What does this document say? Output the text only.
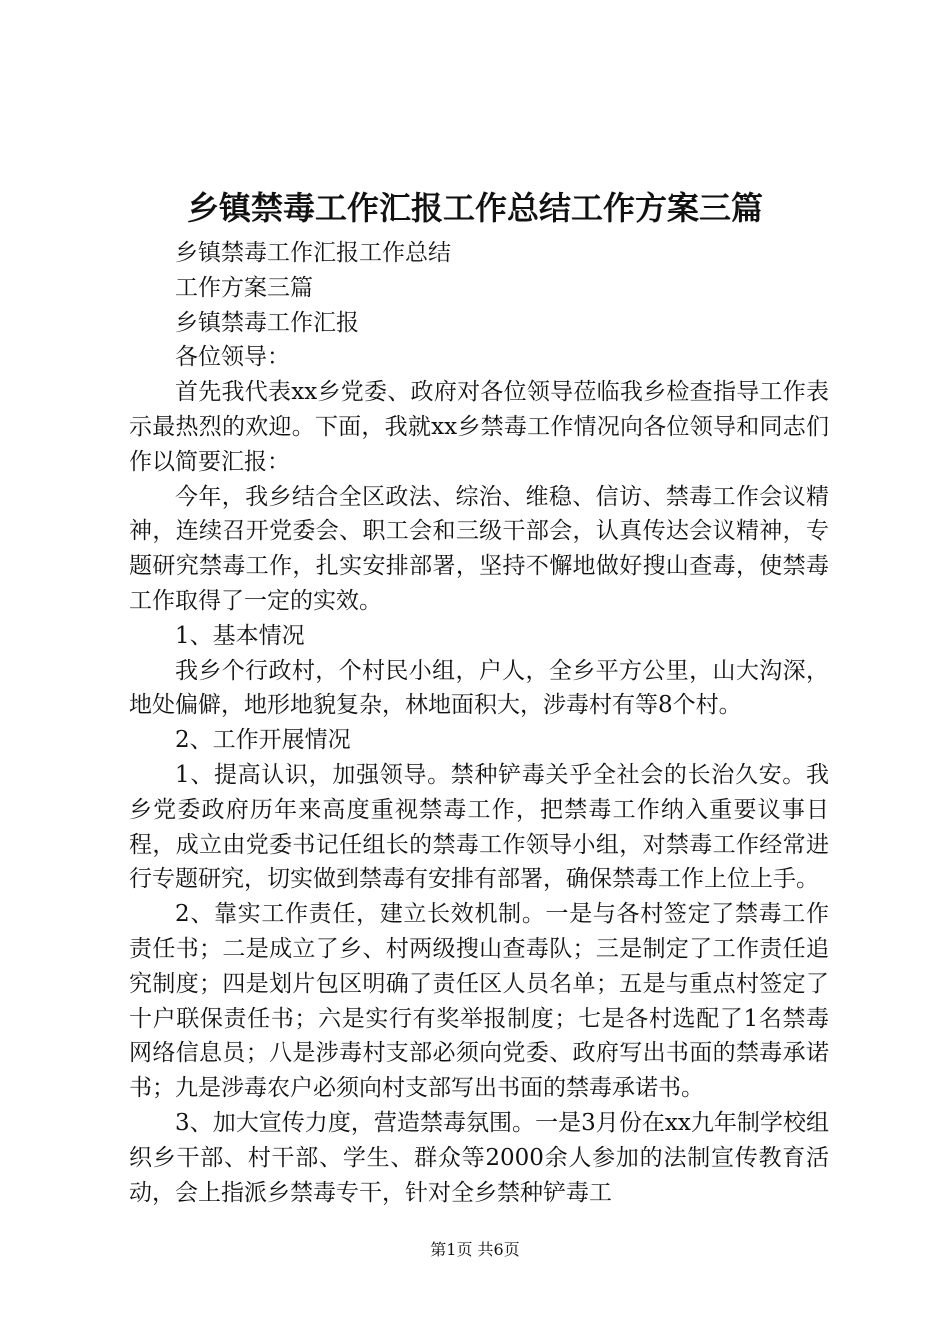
乡镇禁毒工作汇报工作总结工作方案三篇

乡镇禁毒工作汇报工作总结

工作方案三篇

乡镇禁毒工作汇报

各位领导：

首先我代表xx乡党委、政府对各位领导莅临我乡检查指导工作表示最热烈的欢迎。下面，我就xx乡禁毒工作情况向各位领导和同志们作以简要汇报：

今年，我乡结合全区政法、综治、维稳、信访、禁毒工作会议精神，连续召开党委会、职工会和三级干部会，认真传达会议精神，专题研究禁毒工作，扎实安排部署，坚持不懈地做好搜山查毒，使禁毒工作取得了一定的实效。

1、基本情况

我乡个行政村，个村民小组，户人，全乡平方公里，山大沟深，地处偏僻，地形地貌复杂，林地面积大，涉毒村有等8个村。

2、工作开展情况

1、提高认识，加强领导。禁种铲毒关乎全社会的长治久安。我乡党委政府历年来高度重视禁毒工作，把禁毒工作纳入重要议事日程，成立由党委书记任组长的禁毒工作领导小组，对禁毒工作经常进行专题研究，切实做到禁毒有安排有部署，确保禁毒工作上位上手。

2、靠实工作责任，建立长效机制。一是与各村签定了禁毒工作责任书；二是成立了乡、村两级搜山查毒队；三是制定了工作责任追究制度；四是划片包区明确了责任区人员名单；五是与重点村签定了十户联保责任书；六是实行有奖举报制度；七是各村选配了1名禁毒网络信息员；八是涉毒村支部必须向党委、政府写出书面的禁毒承诺书；九是涉毒农户必须向村支部写出书面的禁毒承诺书。

3、加大宣传力度，营造禁毒氛围。一是3月份在xx九年制学校组织乡干部、村干部、学生、群众等2000余人参加的法制宣传教育活动，会上指派乡禁毒专干，针对全乡禁种铲毒工

第1页 共6页
